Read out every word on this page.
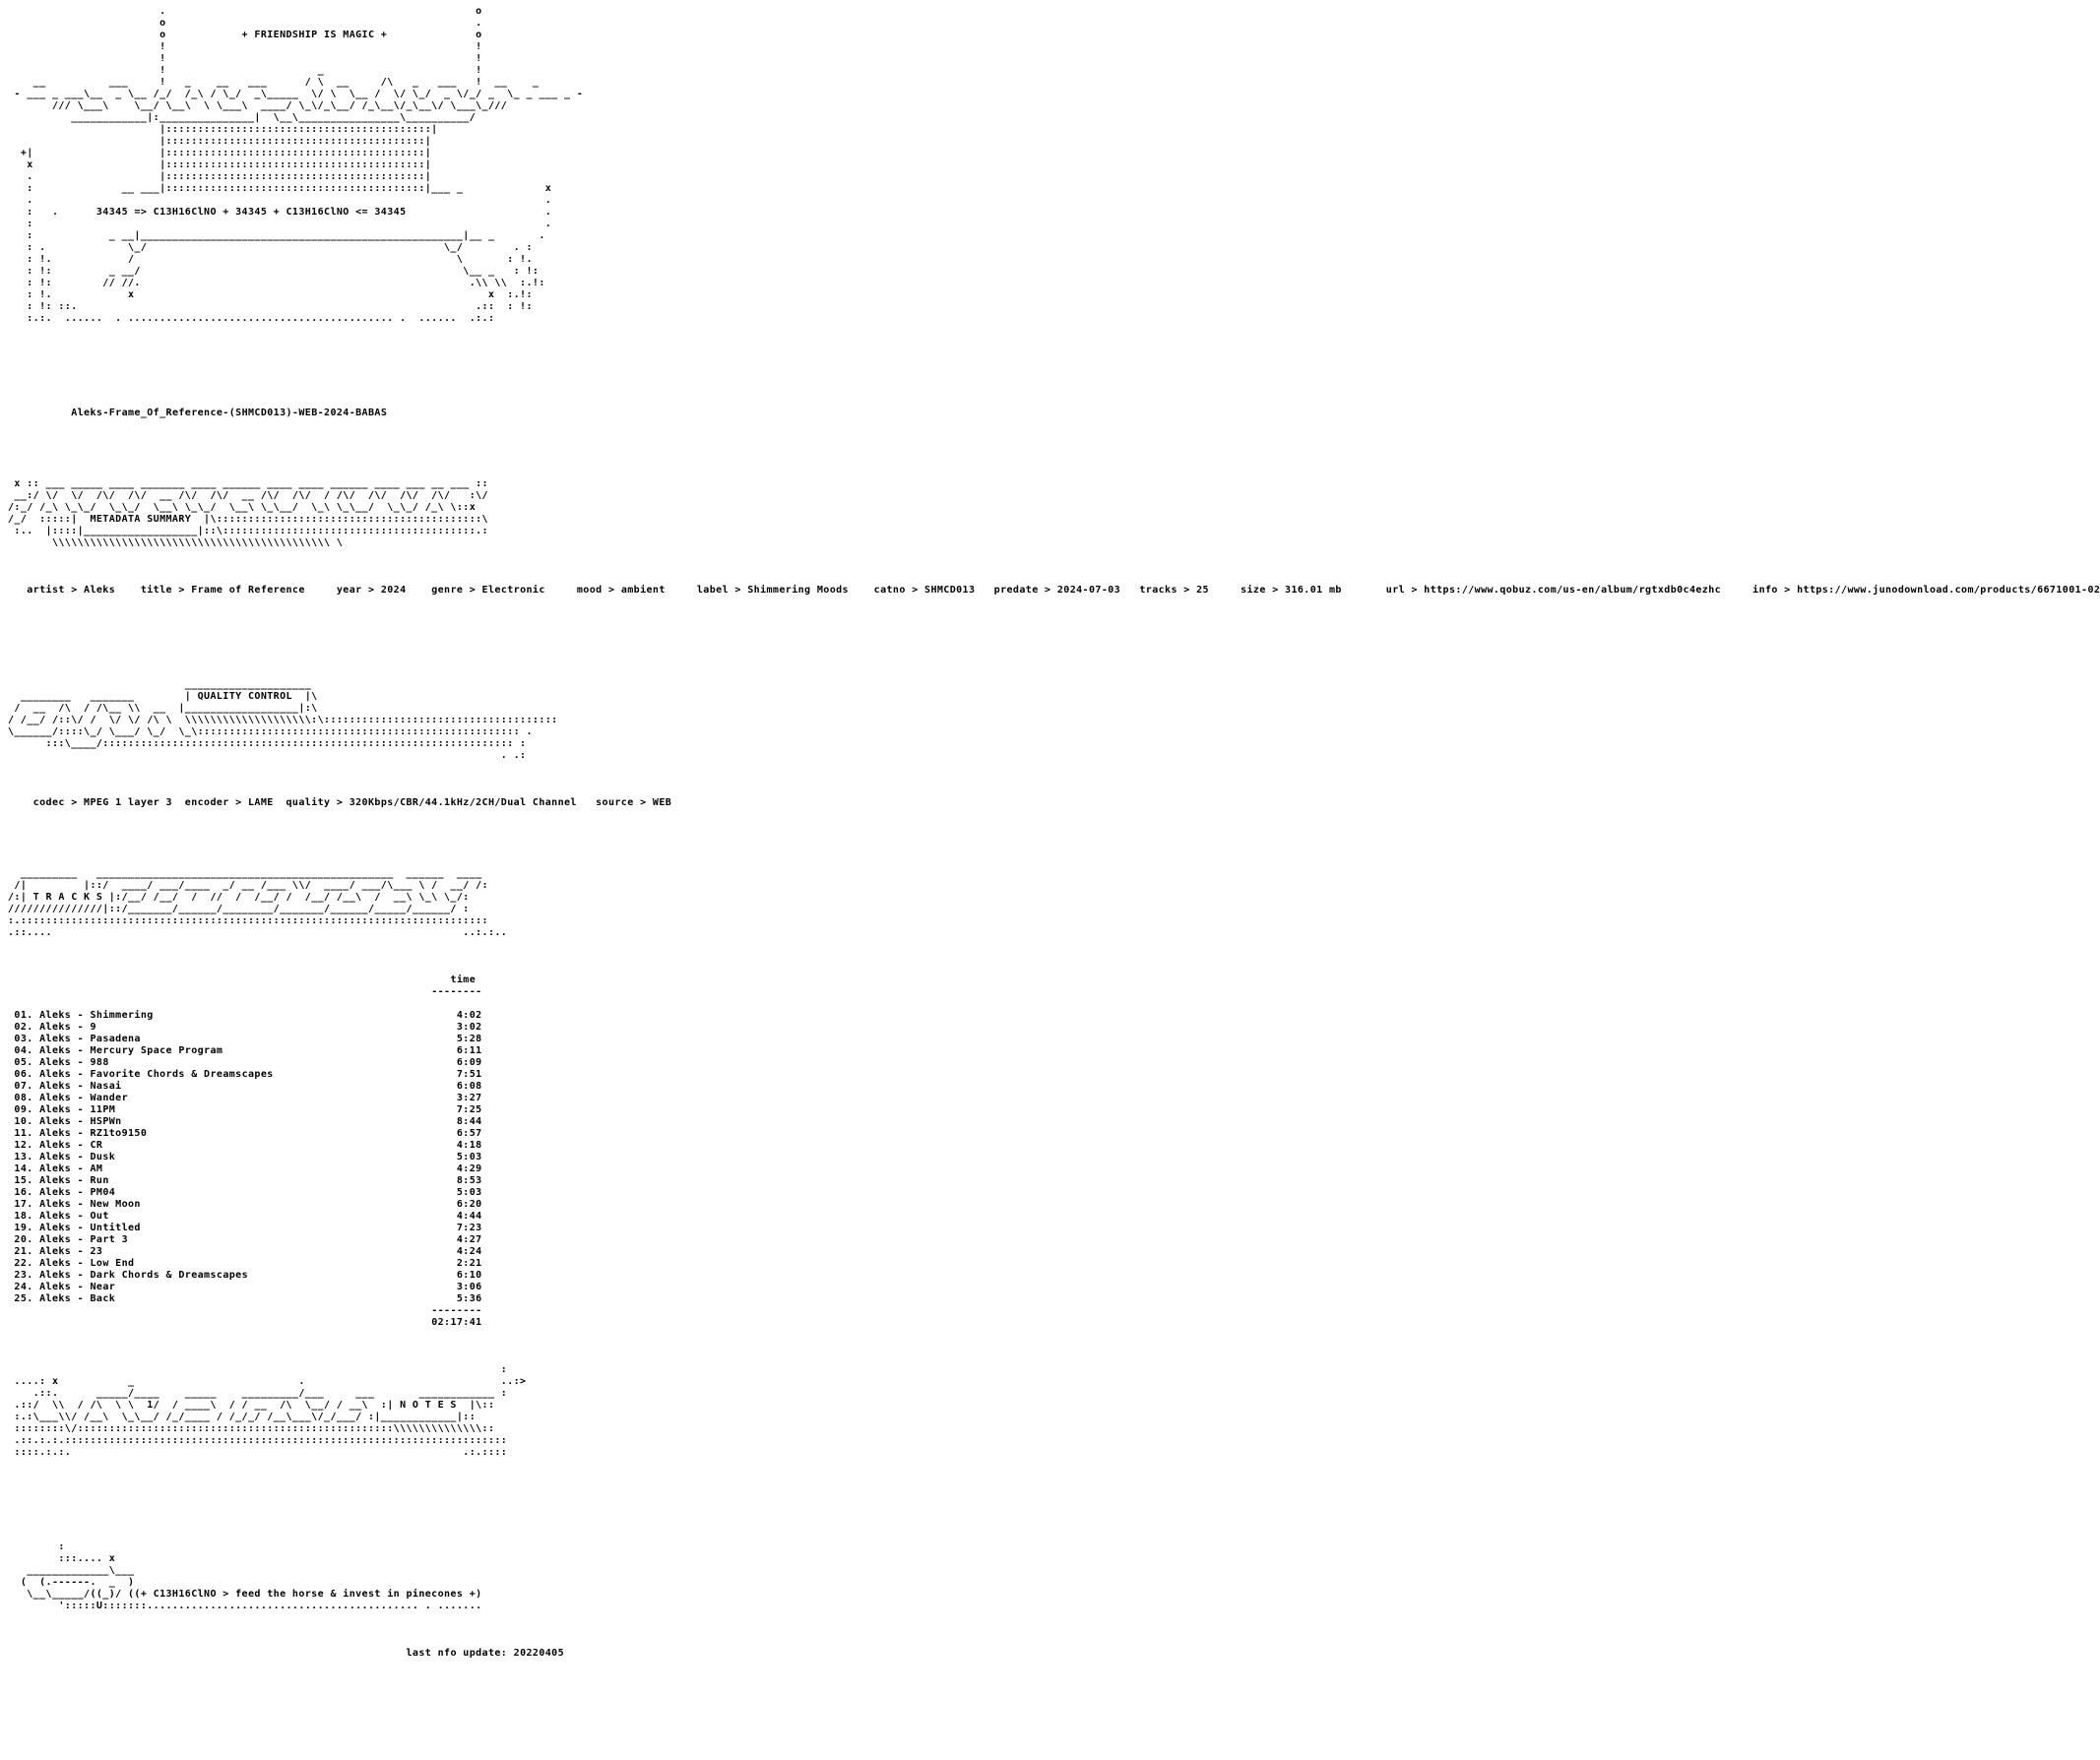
.                                                 o
o                                                 .
o            + FRIENDSHIP IS MAGIC +              o
!                                                 !
!                                                 !
!                        _                        !
__          ___     !   _    __   ___      / \  __     /\   _   ___   !  __    _
- ___ _ ___\__  _ \__ /_/  /_\ / \_/  _\_____  \/ \  \__ /  \/ \_/  _ \/_/ _  \_ _ ___ _ -
/// \___\    \__/ \__\  \ \___\  ____/ \_\/_\__/ /_\__\/_\__\/ \___\_///
____________|:_______________|  \__\________________\__________/
|::::::::::::::::::::::::::::::::::::::::::|
|:::::::::::::::::::::::::::::::::::::::::|
+|                    |:::::::::::::::::::::::::::::::::::::::::|
x                    |:::::::::::::::::::::::::::::::::::::::::|
.                    |:::::::::::::::::::::::::::::::::::::::::|
:              __ ___|:::::::::::::::::::::::::::::::::::::::::|___ _             x
.                                                                                 .
:   .      34345 => C13H16ClNO + 34345 + C13H16ClNO <= 34345                      .
:                                                                                 .
:            _ __|___________________________________________________|__ _       .
: .             \_/                                               \_/        . :
: !.            /                                                   \       : !.
: !:         _ __/                                                   \__ _   : !:
: !:        // //.                                                    .\\ \\  :.!:
: !.            x                                                        x  :.!:
: !: ::.                                                               .::  : !:
:.:.  ......  . .......................................... .  ......  .:.:

Aleks-Frame_Of_Reference-(SHMCD013)-WEB-2024-BABAS

x :: ___ _____ ____ _______ ____ ______ ____ ____ ______ ____ ___ __ ___ ::
__:/ \/  \/  /\/  /\/  __ /\/  /\/  __ /\/  /\/  / /\/  /\/  /\/  /\/   :\/
/:_/ /_\ \_\_/  \_\_/  \__\ \_\_/  \__\ \_\__/  \_\ \_\__/  \_\_/ /_\ \::x
/_/  :::::|  METADATA SUMMARY  |\::::::::::::::::::::::::::::::::::::::::::\
:..  |::::|__________________|::\::::::::::::::::::::::::::::::::::::::::.:
\\\\\\\\\\\\\\\\\\\\\\\\\\\\\\\\\\\\\\\\\\\\ \

artist > Aleks    title > Frame of Reference     year > 2024    genre > Electronic     mood > ambient     label > Shimmering Moods    catno > SHMCD013   predate > 2024-07-03   tracks > 25     size > 316.01 mb       url > https://www.qobuz.com/us-en/album/rgtxdb0c4ezhc     info > https://www.junodownload.com/products/6671001-02

____________________
________   _______        | QUALITY CONTROL  |\
/  __  /\  / /\__ \\  __  |__________________|:\
/ /__/ /::\/ /  \/ \/ /\ \  \\\\\\\\\\\\\\\\\\\\:\:::::::::::::::::::::::::::::::::::::
\______/::::\_/ \___/ \_/  \_\::::::::::::::::::::::::::::::::::::::::::::::::::: .
:::\____/::::::::::::::::::::::::::::::::::::::::::::::::::::::::::::::::: :
. .:

codec > MPEG 1 layer 3  encoder > LAME  quality > 320Kbps/CBR/44.1kHz/2CH/Dual Channel   source > WEB

_________   _______________________________________________  ______  ____
/|         |::/  ____/ ___/____  _/ __ /___ \\/  ____/ ___/\___ \ /  __/ /:
/:| T R A C K S |:/__/ /__/  /  //  /  /__/ /  /__/ /__\  /  __\ \_\ \_/:
///////////////|::/_______/______/________/_______/______/_____/______/ :
:.::::::::::::::::::::::::::::::::::::::::::::::::::::::::::::::::::::::::::
.::....                                                                 ..:.:..

time
--------

01. Aleks - Shimmering	4:02
02. Aleks - 9	3:02
03. Aleks - Pasadena	5:28
04. Aleks - Mercury Space Program	6:11
05. Aleks - 988	6:09
06. Aleks - Favorite Chords & Dreamscapes	7:51
07. Aleks - Nasai	6:08
08. Aleks - Wander	3:27
09. Aleks - 11PM	7:25
10. Aleks - HSPWn	8:44
11. Aleks - RZ1to9150	6:57
12. Aleks - CR	4:18
13. Aleks - Dusk	5:03
14. Aleks - AM	4:29
15. Aleks - Run	8:53
16. Aleks - PM04	5:03
17. Aleks - New Moon	6:20
18. Aleks - Out	4:44
19. Aleks - Untitled	7:23
20. Aleks - Part 3	4:27
21. Aleks - 23	4:24
22. Aleks - Low End	2:21
23. Aleks - Dark Chords & Dreamscapes	6:10
24. Aleks - Near	3:06
25. Aleks - Back	5:36
--------
02:17:41

:
....: x           _                          .                               ..:>
.::.      _____/____    _____    _________/___     ___       ____________ :
.::/  \\  / /\  \ \  1/  / ____\  / / __  /\  \__/ / __\  :| N O T E S  |\::
:.:\___\\/ /__\  \_\__/ /_/____ / /_/_/ /__\___\/_/___/ :|____________|::
::::::::\/::::::::::::::::::::::::::::::::::::::::::::::::::\\\\\\\\\\\\\\::
.::.:.:.::::::::::::::::::::::::::::::::::::::::::::::::::::::::::::::::::::::
::::.:.:.                                                              .:.::::

:
:::.... x
_____________\___
(  (.------.  _  )
\__\_____/((_)/ ((+ C13H16ClNO > feed the horse & invest in pinecones +)
':::::U:::::::........................................... . .......

last nfo update: 20220405
